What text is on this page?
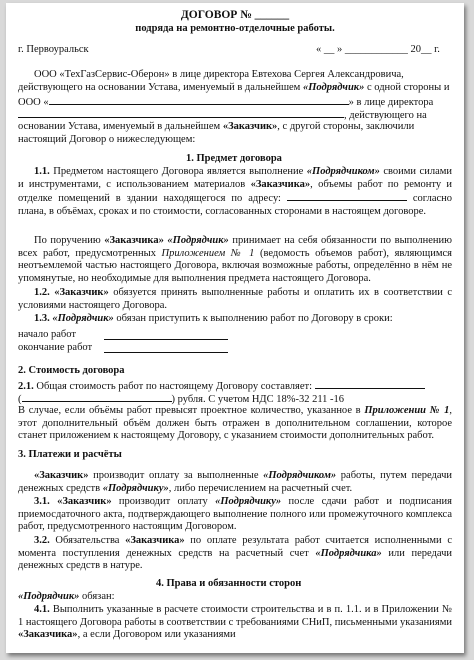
ДОГОВОР № ______
подряда на ремонтно-отделочные работы.
г. Первоуральск	« __ » ____________ 20__ г.
ООО «ТехГазСервис-Оберон» в лице директора Евтехова Сергея Александровича,
действующего на основании Устава, именуемый в дальнейшем «Подрядчик» с одной стороны и
ООО «	» в лице директора
, действующего на
основании Устава, именуемый в дальнейшем «Заказчик», с другой стороны, заключили
настоящий Договор о нижеследующем:
1. Предмет договора
1.1. Предметом настоящего Договора является выполнение «Подрядчиком» своими силами и инструментами, с использованием материалов «Заказчика», объемы работ по ремонту и отделке помещений в здании находящегося по адресу:	согласно плана, в объёмах, сроках и по стоимости, согласованных сторонами в настоящем договоре.
По поручению «Заказчика» «Подрядчик» принимает на себя обязанности по выполнению всех работ, предусмотренных Приложением № 1 (ведомость объемов работ), являющимся неотъемлемой частью настоящего Договора, включая возможные работы, определённо в нём не упомянутые, но необходимые для выполнения предмета настоящего Договора.
1.2. «Заказчик» обязуется принять выполненные работы и оплатить их в соответствии с условиями настоящего Договора.
1.3. «Подрядчик» обязан приступить к выполнению работ по Договору в сроки:
начало работ
окончание работ
2. Стоимость договора
2.1. Общая стоимость работ по настоящему Договору составляет:
(	) рубля. С учетом НДС 18%-32 211 -16
В случае, если объёмы работ превысят проектное количество, указанное в Приложении № 1, этот дополнительный объём должен быть отражен в дополнительном соглашении, которое станет приложением к настоящему Договору, с указанием стоимости дополнительных работ.
3. Платежи и расчёты
«Заказчик» производит оплату за выполненные «Подрядчиком» работы, путем передачи денежных средств «Подрядчику», либо перечислением на расчетный счет.
3.1. «Заказчик» производит оплату «Подрядчику» после сдачи работ и подписания приемосдаточного акта, подтверждающего выполнение полного или промежуточного комплекса работ, предусмотренного настоящим Договором.
3.2. Обязательства «Заказчика» по оплате результата работ считается исполненными с момента поступления денежных средств на расчетный счет «Подрядчика» или передачи денежных средств в натуре.
4. Права и обязанности сторон
«Подрядчик» обязан:
4.1. Выполнить указанные в расчете стоимости строительства и в п. 1.1. и в Приложении № 1 настоящего Договора работы в соответствии с требованиями СНиП, письменными указаниями «Заказчика», а если Договором или указаниями
